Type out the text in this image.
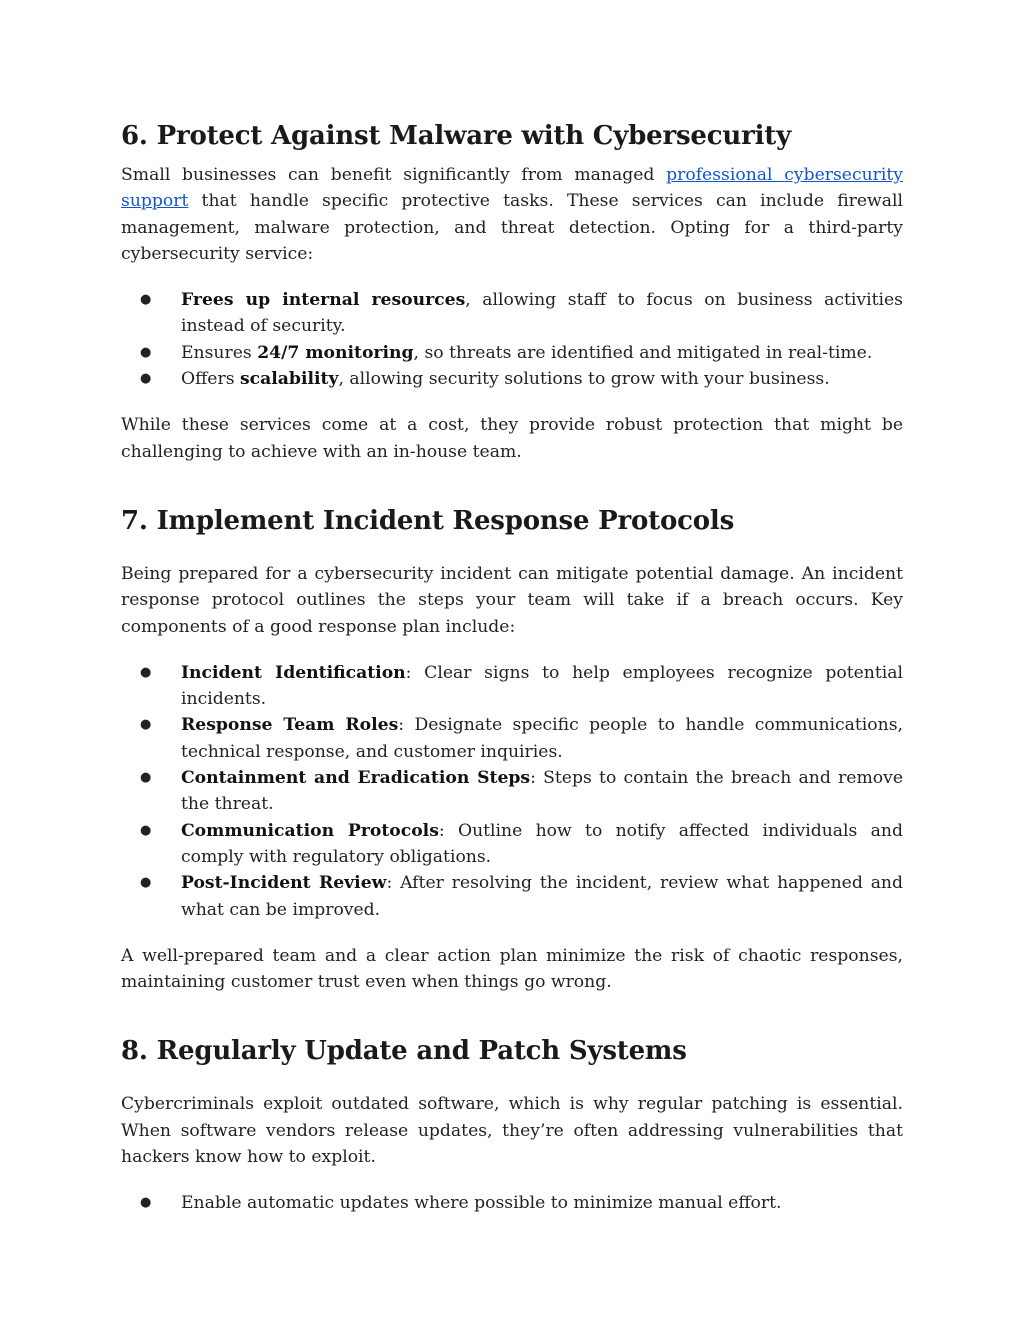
6. Protect Against Malware with Cybersecurity

Small businesses can benefit significantly from managed professional cybersecurity support that handle specific protective tasks. These services can include firewall management, malware protection, and threat detection. Opting for a third-party cybersecurity service:

● Frees up internal resources, allowing staff to focus on business activities instead of security.
● Ensures 24/7 monitoring, so threats are identified and mitigated in real-time.
● Offers scalability, allowing security solutions to grow with your business.

While these services come at a cost, they provide robust protection that might be challenging to achieve with an in-house team.

7. Implement Incident Response Protocols

Being prepared for a cybersecurity incident can mitigate potential damage. An incident response protocol outlines the steps your team will take if a breach occurs. Key components of a good response plan include:

● Incident Identification: Clear signs to help employees recognize potential incidents.
● Response Team Roles: Designate specific people to handle communications, technical response, and customer inquiries.
● Containment and Eradication Steps: Steps to contain the breach and remove the threat.
● Communication Protocols: Outline how to notify affected individuals and comply with regulatory obligations.
● Post-Incident Review: After resolving the incident, review what happened and what can be improved.

A well-prepared team and a clear action plan minimize the risk of chaotic responses, maintaining customer trust even when things go wrong.

8. Regularly Update and Patch Systems

Cybercriminals exploit outdated software, which is why regular patching is essential. When software vendors release updates, they’re often addressing vulnerabilities that hackers know how to exploit.

● Enable automatic updates where possible to minimize manual effort.
